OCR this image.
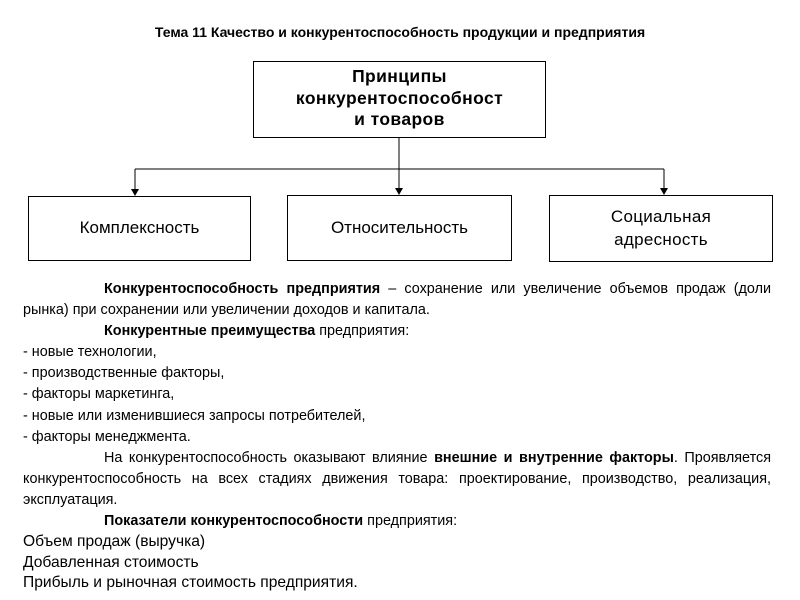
Тема 11 Качество и конкурентоспособность продукции и предприятия
Принципы
конкурентоспособност
и товаров
Комплексность	Относительность
Социальная
адресность

Конкурентоспособность предприятия – сохранение или увеличение объемов продаж (доли рынка) при сохранении или увеличении доходов и капитала.

Конкурентные преимущества предприятия:

- новые технологии,

- производственные факторы,

- факторы маркетинга,

- новые или изменившиеся запросы потребителей,

- факторы менеджмента.

На конкурентоспособность оказывают влияние внешние и внутренние факторы. Проявляется конкурентоспособность на всех стадиях движения товара: проектирование, производство, реализация, эксплуатация.

Показатели конкурентоспособности предприятия:

Объем продаж (выручка)

Добавленная стоимость

Прибыль и рыночная стоимость предприятия.
